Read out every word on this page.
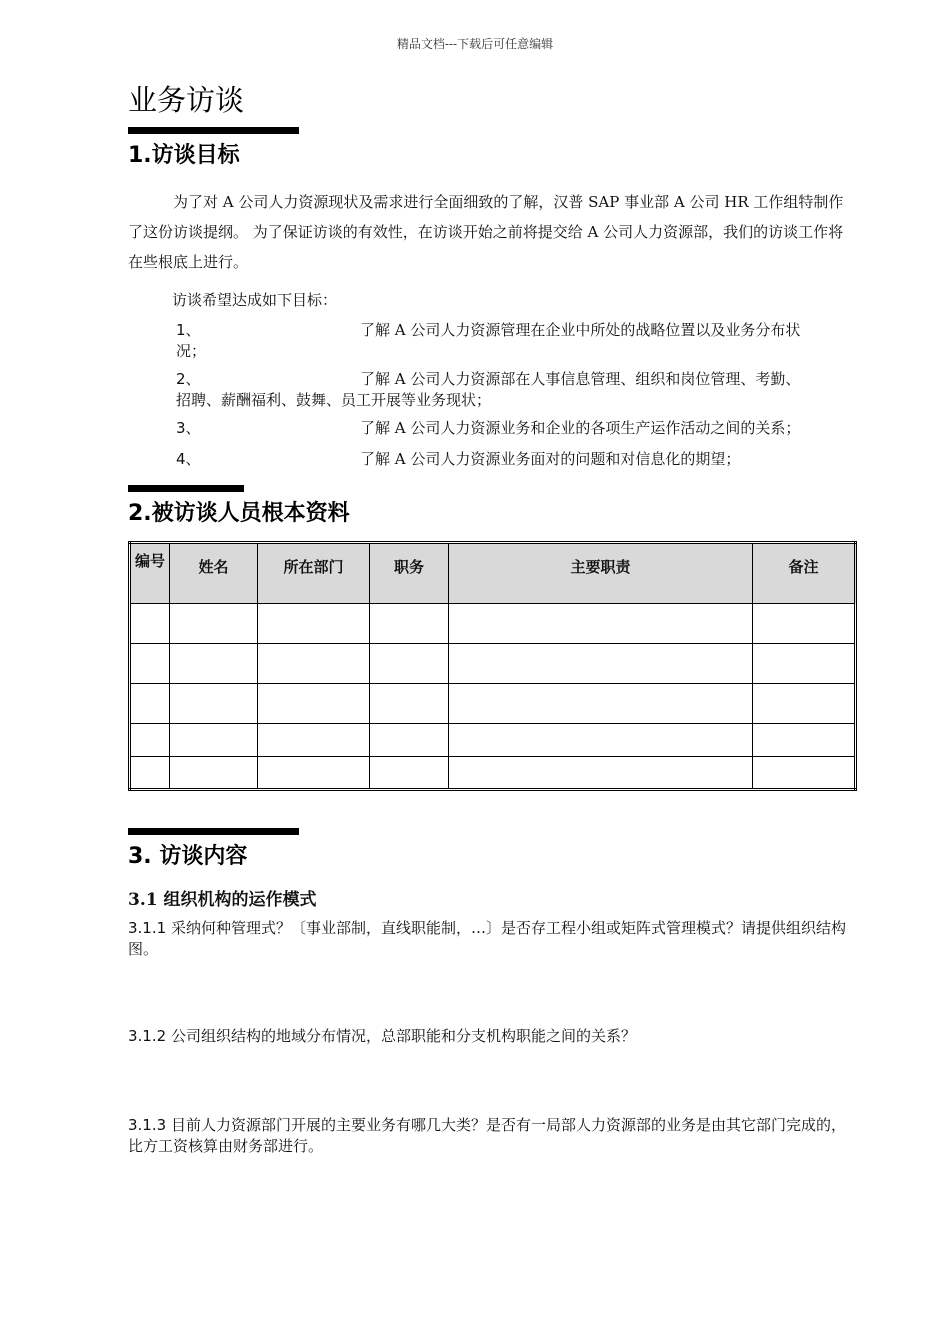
精品文档---下载后可任意编辑
业务访谈
1.访谈目标
为了对 A 公司人力资源现状及需求进行全面细致的了解，汉普 SAP 事业部 A 公司 HR 工作组特制作了这份访谈提纲。 为了保证访谈的有效性，在访谈开始之前将提交给 A 公司人力资源部，我们的访谈工作将在些根底上进行。
访谈希望达成如下目标：
1、	了解 A 公司人力资源管理在企业中所处的战略位置以及业务分布状
况；
2、	了解 A 公司人力资源部在人事信息管理、组织和岗位管理、考勤、
招聘、薪酬福利、鼓舞、员工开展等业务现状；
3、	了解 A 公司人力资源业务和企业的各项生产运作活动之间的关系；
4、	了解 A 公司人力资源业务面对的问题和对信息化的期望；
2.被访谈人员根本资料
编号	姓名	所在部门	职务	主要职责	备注

3. 访谈内容
3.1 组织机构的运作模式
3.1.1 采纳何种管理式？〔事业部制，直线职能制，…〕是否存工程小组或矩阵式管理模式？请提供组织结构图。
3.1.2 公司组织结构的地域分布情况，总部职能和分支机构职能之间的关系？
3.1.3 目前人力资源部门开展的主要业务有哪几大类？是否有一局部人力资源部的业务是由其它部门完成的，比方工资核算由财务部进行。
